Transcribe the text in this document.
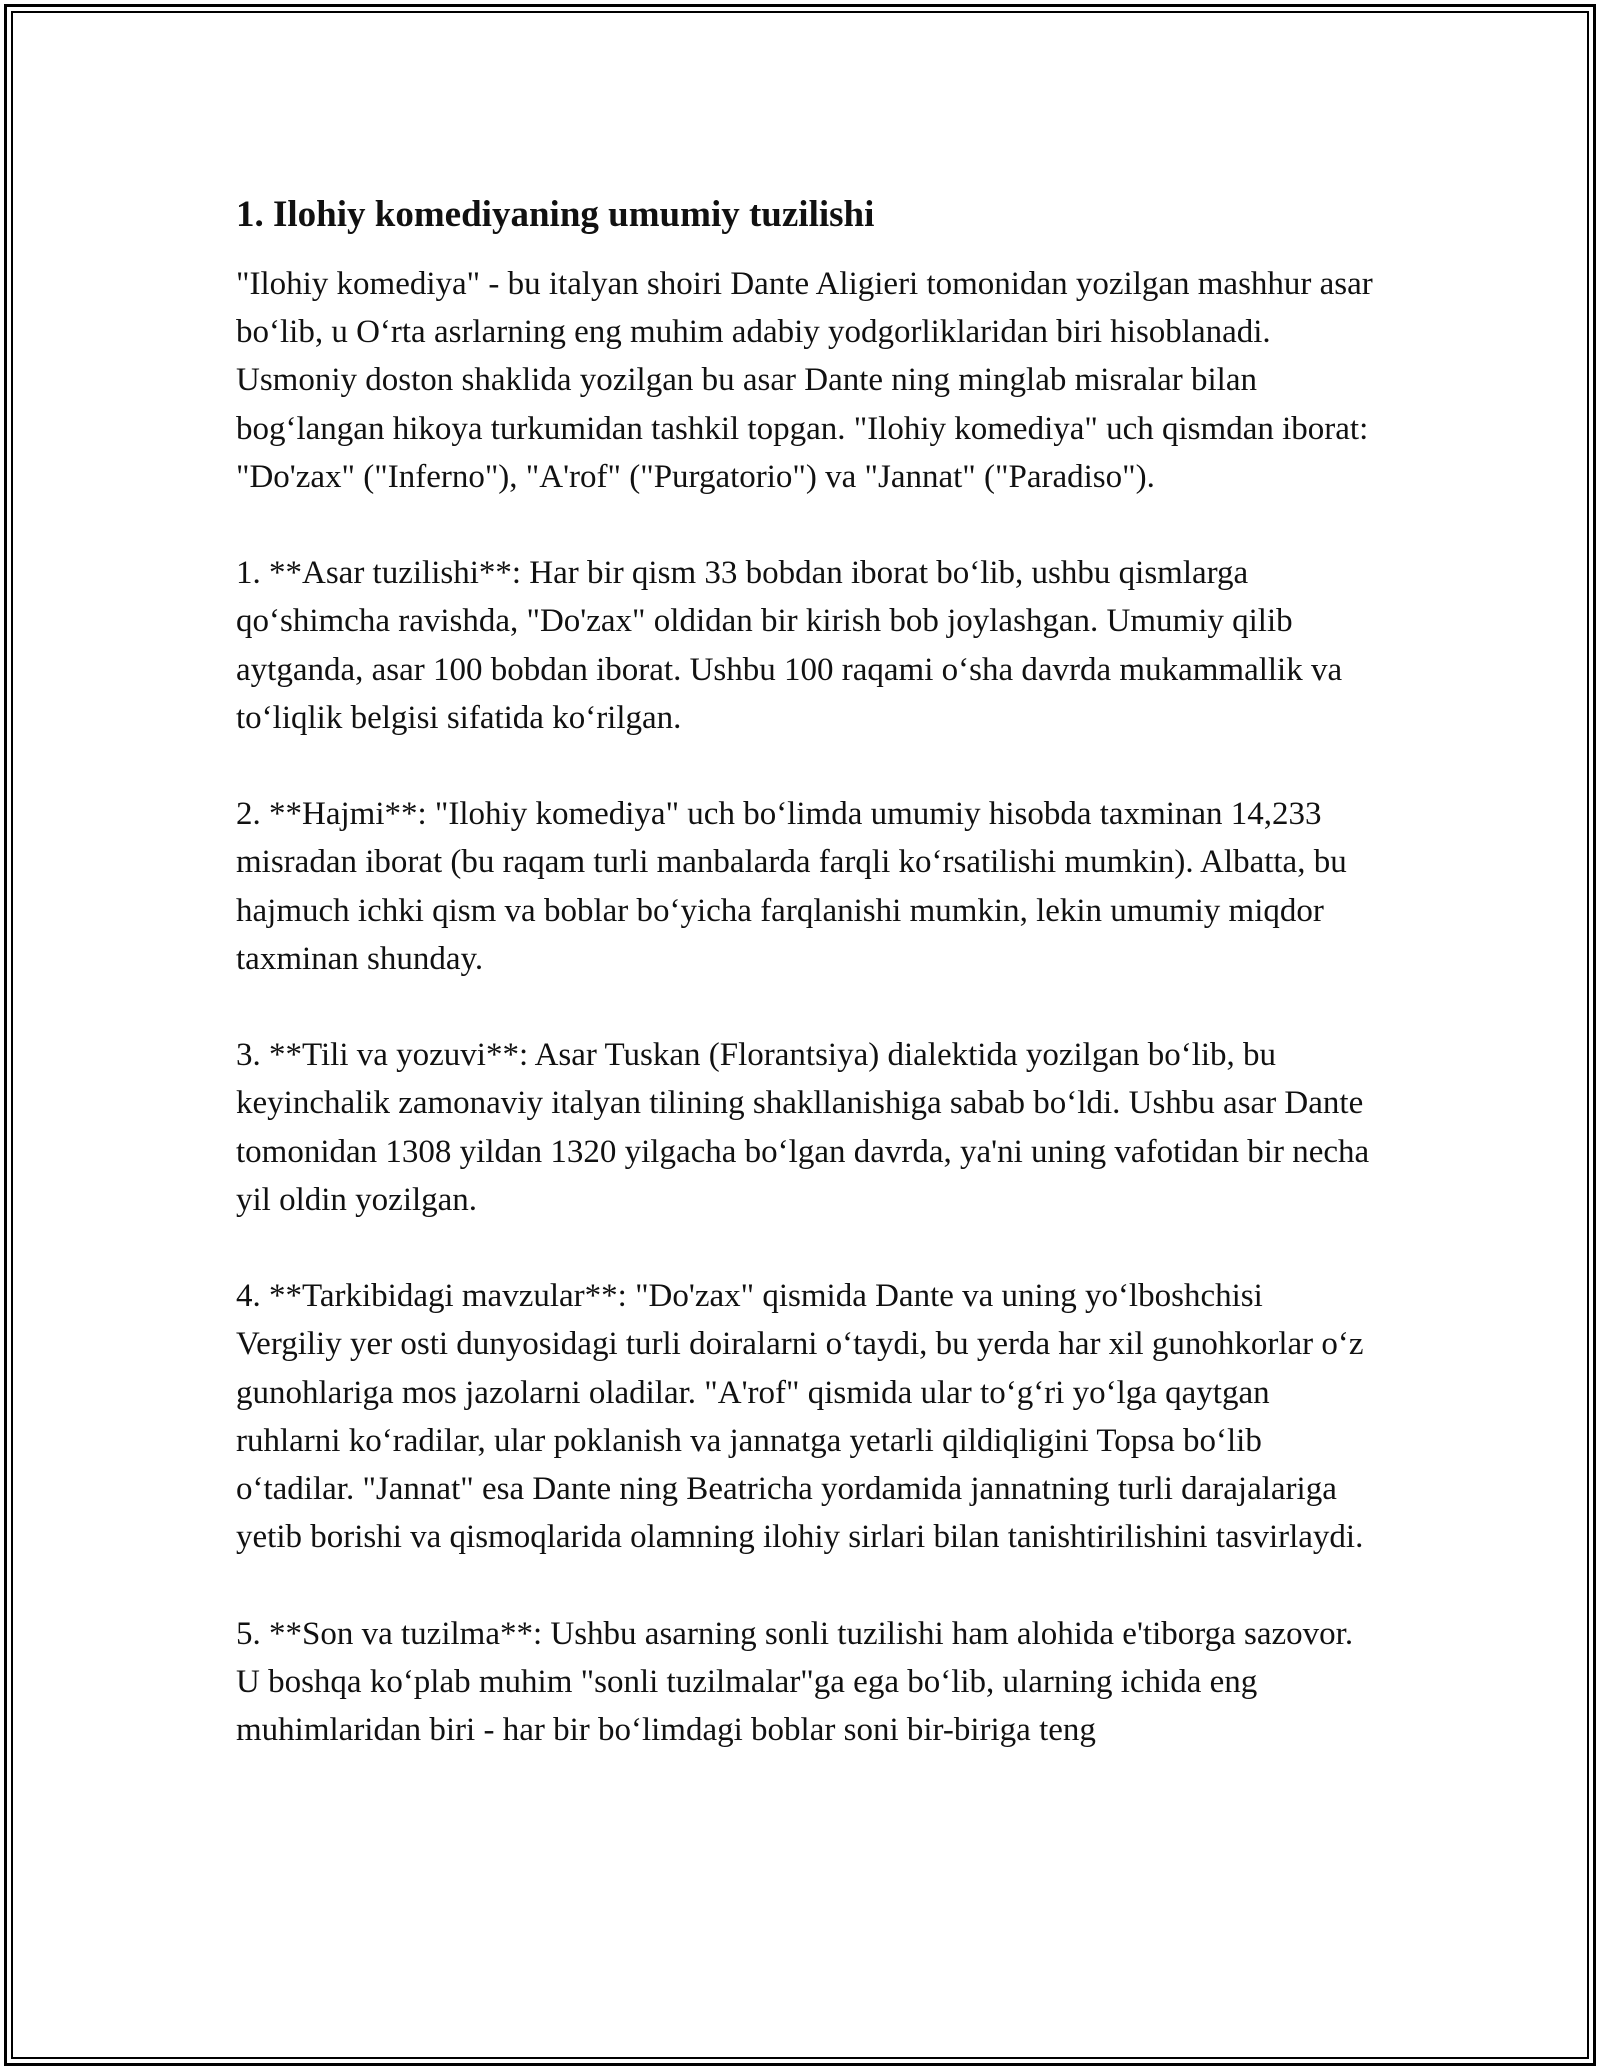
1. Ilohiy komediyaning umumiy tuzilishi

"Ilohiy komediya" - bu italyan shoiri Dante Aligieri tomonidan yozilgan mashhur asar bo‘lib, u O‘rta asrlarning eng muhim adabiy yodgorliklaridan biri hisoblanadi. Usmoniy doston shaklida yozilgan bu asar Dante ning minglab misralar bilan bog‘langan hikoya turkumidan tashkil topgan. "Ilohiy komediya" uch qismdan iborat: "Do'zax" ("Inferno"), "A'rof" ("Purgatorio") va "Jannat" ("Paradiso").

1. **Asar tuzilishi**: Har bir qism 33 bobdan iborat bo‘lib, ushbu qismlarga qo‘shimcha ravishda, "Do'zax" oldidan bir kirish bob joylashgan. Umumiy qilib aytganda, asar 100 bobdan iborat. Ushbu 100 raqami o‘sha davrda mukammallik va to‘liqlik belgisi sifatida ko‘rilgan.

2. **Hajmi**: "Ilohiy komediya" uch bo‘limda umumiy hisobda taxminan 14,233 misradan iborat (bu raqam turli manbalarda farqli ko‘rsatilishi mumkin). Albatta, bu hajmuch ichki qism va boblar bo‘yicha farqlanishi mumkin, lekin umumiy miqdor taxminan shunday.

3. **Tili va yozuvi**: Asar Tuskan (Florantsiya) dialektida yozilgan bo‘lib, bu keyinchalik zamonaviy italyan tilining shakllanishiga sabab bo‘ldi. Ushbu asar Dante tomonidan 1308 yildan 1320 yilgacha bo‘lgan davrda, ya'ni uning vafotidan bir necha yil oldin yozilgan.

4. **Tarkibidagi mavzular**: "Do'zax" qismida Dante va uning yo‘lboshchisi Vergiliy yer osti dunyosidagi turli doiralarni o‘taydi, bu yerda har xil gunohkorlar o‘z gunohlariga mos jazolarni oladilar. "A'rof" qismida ular to‘g‘ri yo‘lga qaytgan ruhlarni ko‘radilar, ular poklanish va jannatga yetarli qildiqligini Topsa bo‘lib o‘tadilar. "Jannat" esa Dante ning Beatricha yordamida jannatning turli darajalariga yetib borishi va qismoqlarida olamning ilohiy sirlari bilan tanishtirilishini tasvirlaydi.

5. **Son va tuzilma**: Ushbu asarning sonli tuzilishi ham alohida e'tiborga sazovor. U boshqa ko‘plab muhim "sonli tuzilmalar"ga ega bo‘lib, ularning ichida eng muhimlaridan biri - har bir bo‘limdagi boblar soni bir-biriga teng
